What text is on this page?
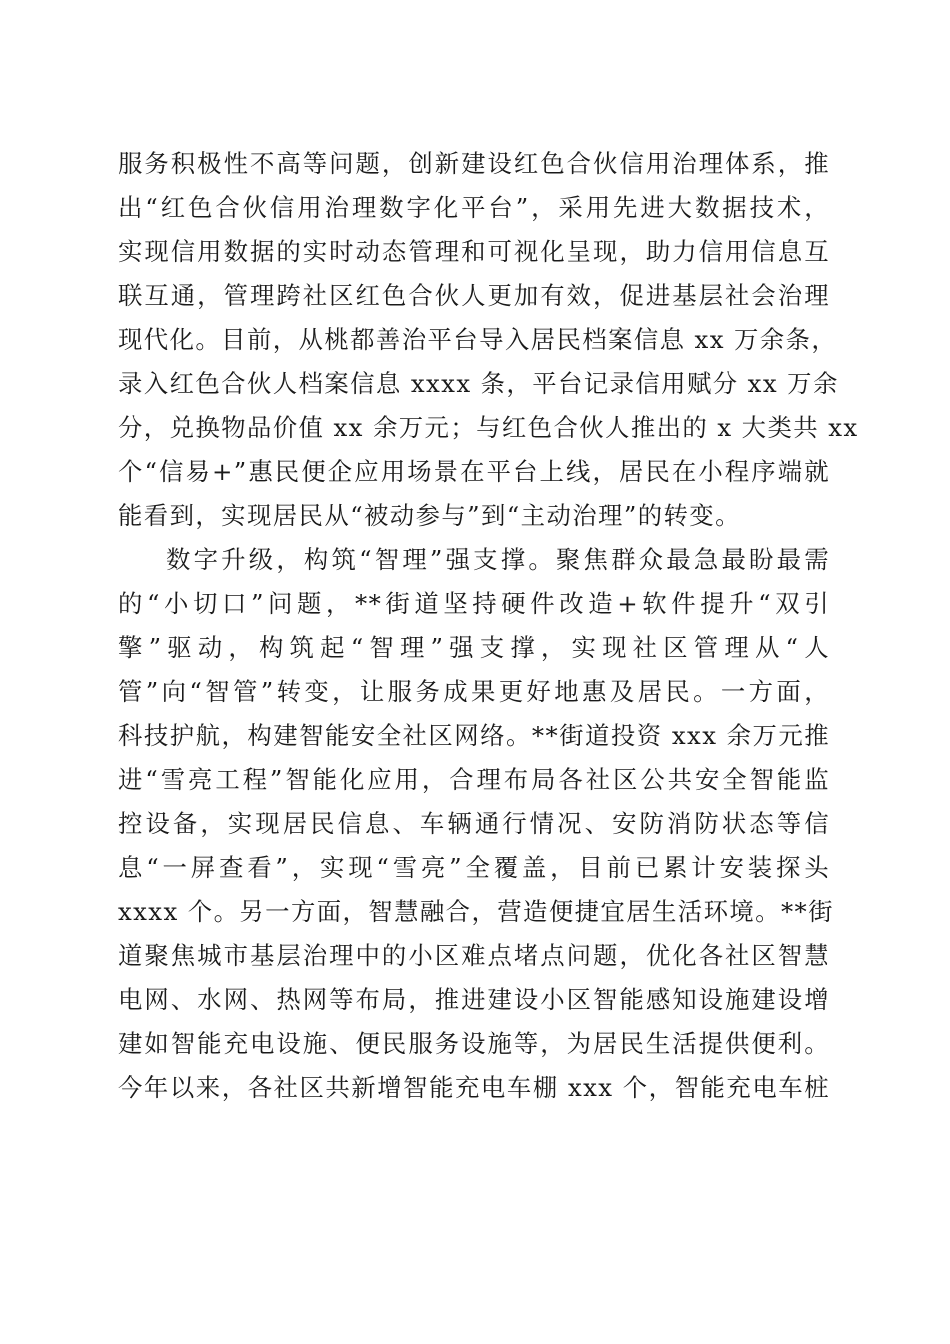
服务积极性不高等问题，创新建设红色合伙信用治理体系，推
出“红色合伙信用治理数字化平台”，采用先进大数据技术，
实现信用数据的实时动态管理和可视化呈现，助力信用信息互
联互通，管理跨社区红色合伙人更加有效，促进基层社会治理
现代化。目前，从桃都善治平台导入居民档案信息 xx 万余条，
录入红色合伙人档案信息 xxxx 条，平台记录信用赋分 xx 万余
分，兑换物品价值 xx 余万元；与红色合伙人推出的 x 大类共 xx
个“信易+”惠民便企应用场景在平台上线，居民在小程序端就
能看到，实现居民从“被动参与”到“主动治理”的转变。
数字升级，构筑“智理”强支撑。聚焦群众最急最盼最需
的“小切口”问题，**街道坚持硬件改造+软件提升“双引
擎”驱动，构筑起“智理”强支撑，实现社区管理从“人
管”向“智管”转变，让服务成果更好地惠及居民。一方面，
科技护航，构建智能安全社区网络。**街道投资 xxx 余万元推
进“雪亮工程”智能化应用，合理布局各社区公共安全智能监
控设备，实现居民信息、车辆通行情况、安防消防状态等信
息“一屏查看”，实现“雪亮”全覆盖，目前已累计安装探头
xxxx 个。另一方面，智慧融合，营造便捷宜居生活环境。**街
道聚焦城市基层治理中的小区难点堵点问题，优化各社区智慧
电网、水网、热网等布局，推进建设小区智能感知设施建设增
建如智能充电设施、便民服务设施等，为居民生活提供便利。
今年以来，各社区共新增智能充电车棚 xxx 个，智能充电车桩
